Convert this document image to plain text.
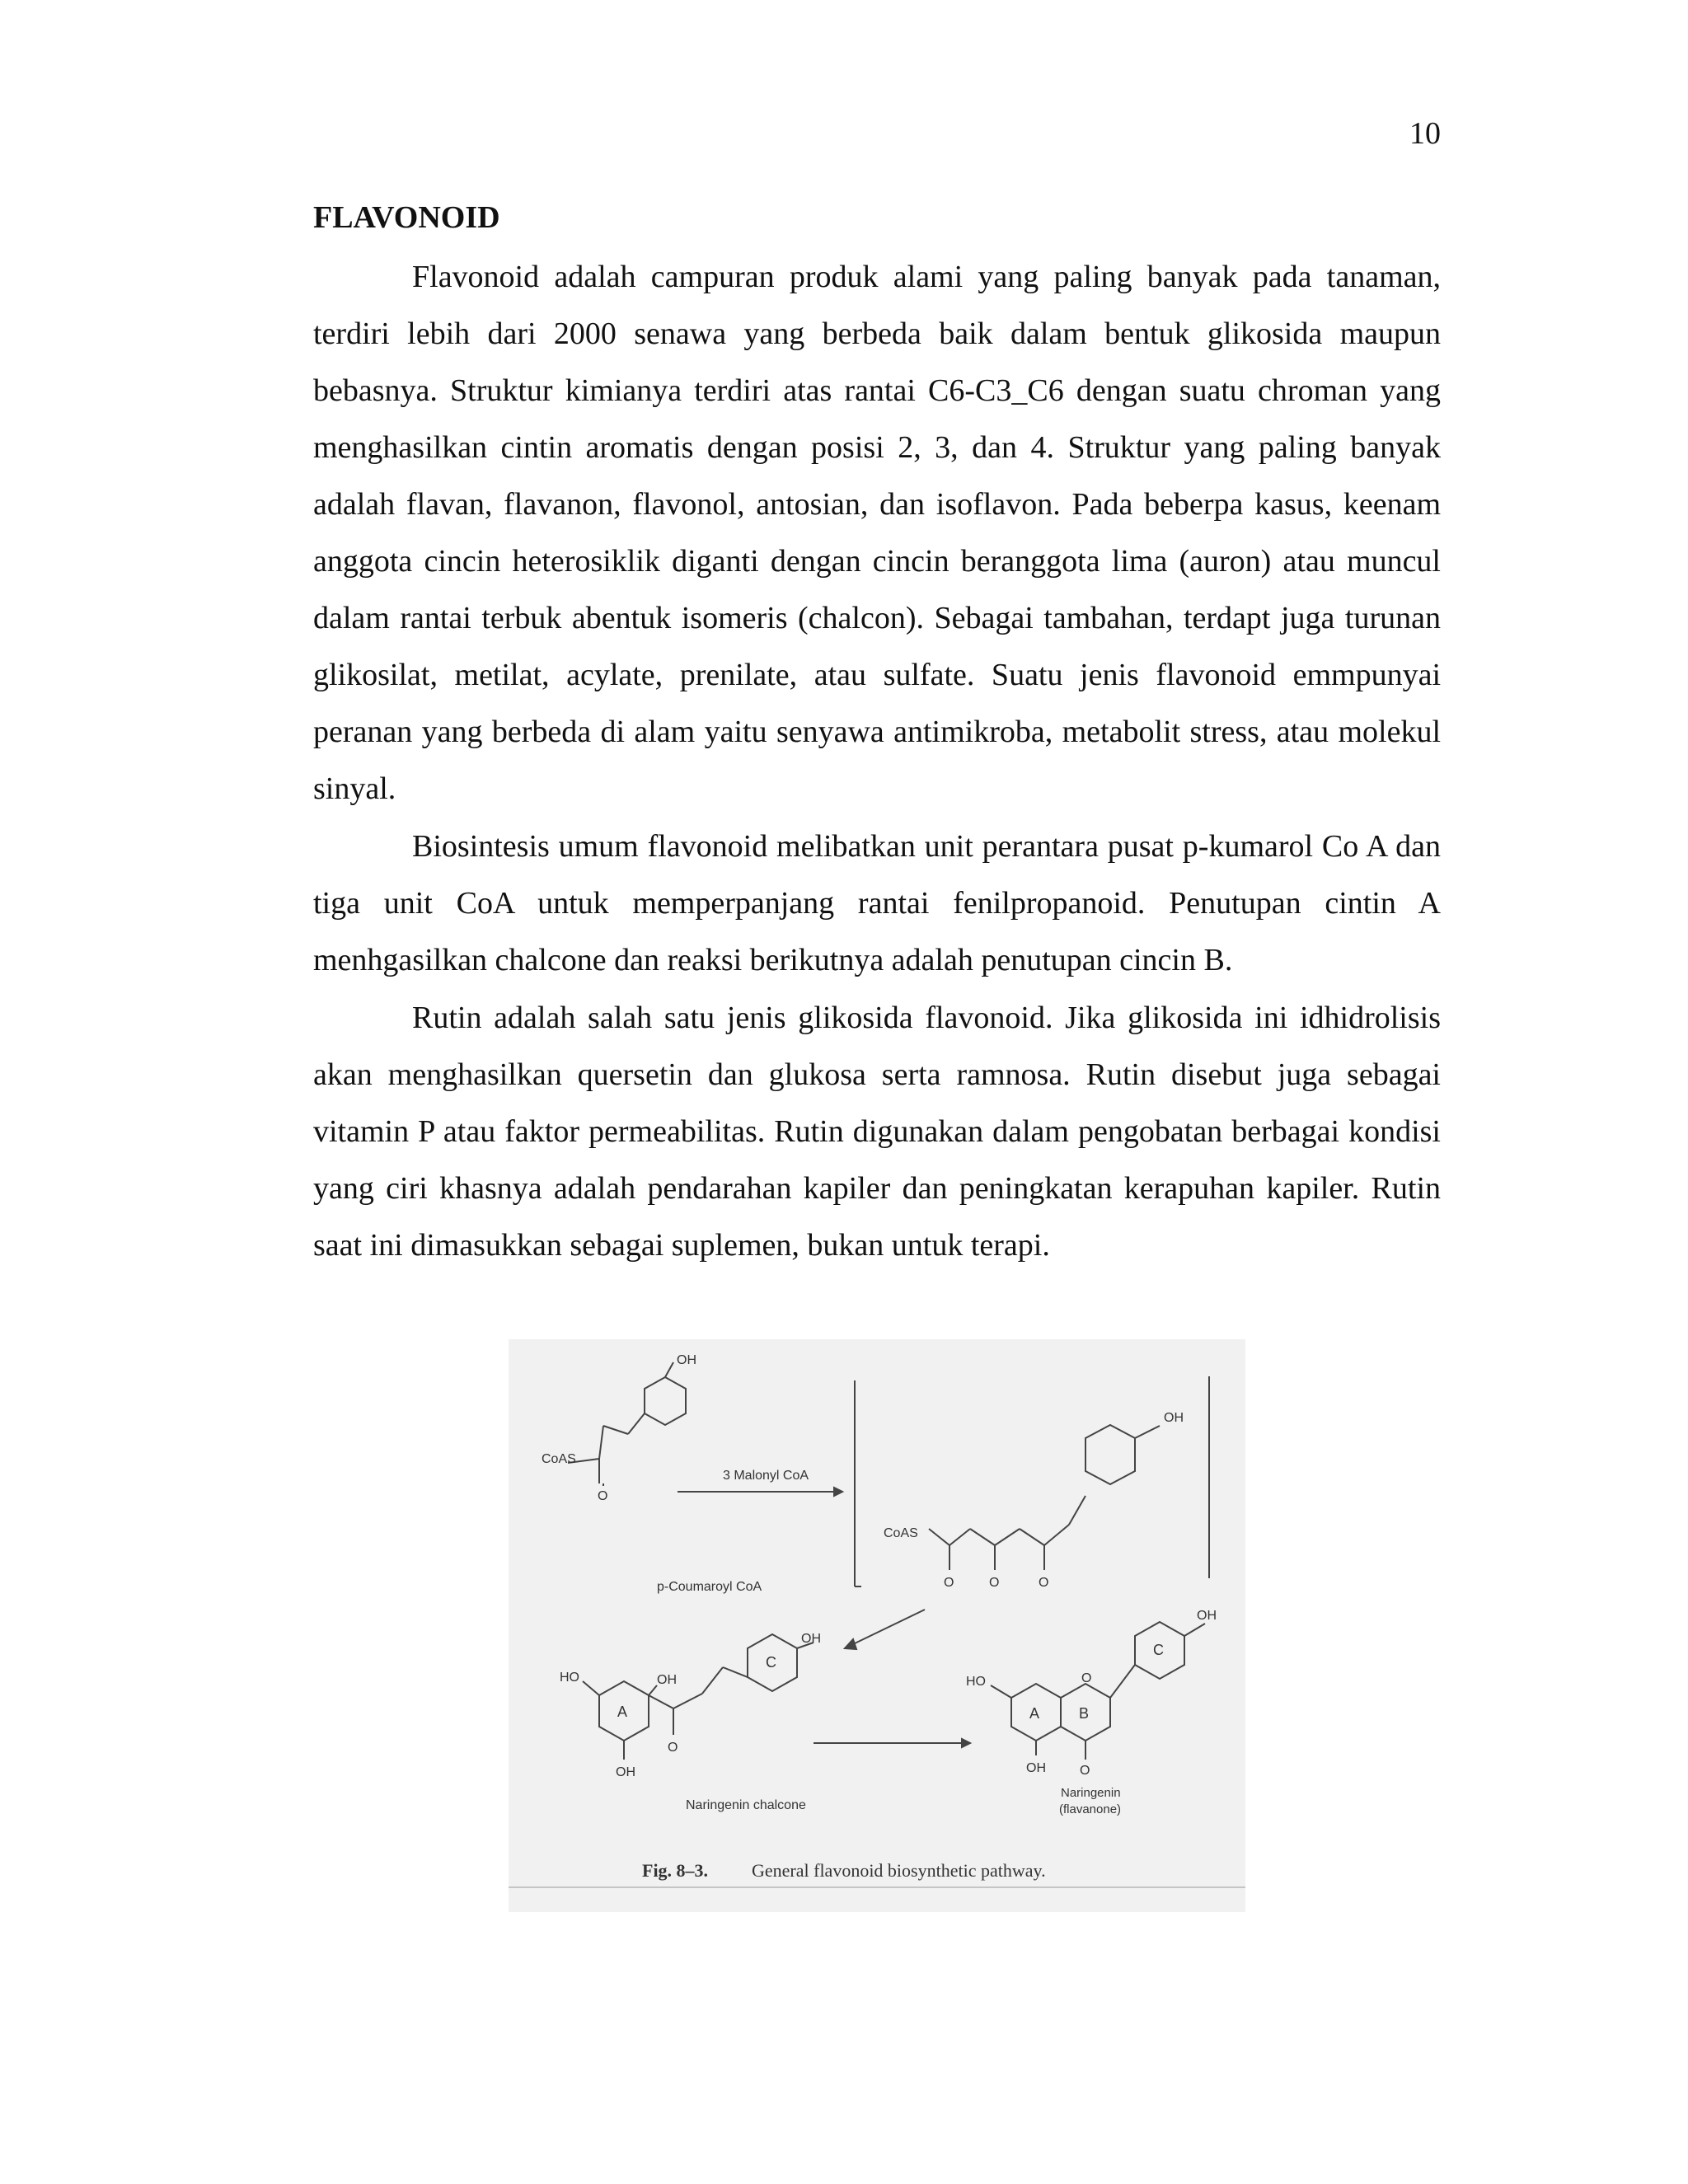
10
FLAVONOID

Flavonoid adalah campuran produk alami yang paling banyak pada tanaman, terdiri lebih dari 2000 senawa yang berbeda baik dalam bentuk glikosida maupun bebasnya. Struktur kimianya terdiri atas rantai C6-C3_C6 dengan suatu chroman yang menghasilkan cintin aromatis dengan posisi 2, 3, dan 4. Struktur yang paling banyak adalah flavan, flavanon, flavonol, antosian, dan isoflavon. Pada beberpa kasus, keenam anggota cincin heterosiklik diganti dengan cincin beranggota lima (auron) atau muncul dalam rantai terbuk abentuk isomeris (chalcon). Sebagai tambahan, terdapt juga turunan glikosilat, metilat, acylate, prenilate, atau sulfate. Suatu jenis flavonoid emmpunyai peranan yang berbeda di alam yaitu senyawa antimikroba, metabolit stress, atau molekul sinyal.

Biosintesis umum flavonoid melibatkan unit perantara pusat p-kumarol Co A dan tiga unit CoA untuk memperpanjang rantai fenilpropanoid. Penutupan cintin A menhgasilkan chalcone dan reaksi berikutnya adalah penutupan cincin B.

Rutin adalah salah satu jenis glikosida flavonoid. Jika glikosida ini idhidrolisis akan menghasilkan quersetin dan glukosa serta ramnosa. Rutin disebut juga sebagai vitamin P atau faktor permeabilitas. Rutin digunakan dalam pengobatan berbagai kondisi yang ciri khasnya adalah pendarahan kapiler dan peningkatan kerapuhan kapiler. Rutin saat ini dimasukkan sebagai suplemen, bukan untuk terapi.

OH
CoAS
O
3 Malonyl CoA
p-Coumaroyl CoA
OH
CoAS
O	O	O
OH
HO	OH
A
C
OH
O
Naringenin chalcone
OH
HO	O
A	B
C
OH	O
Naringenin
(flavanone)
Fig. 8–3. General flavonoid biosynthetic pathway.
